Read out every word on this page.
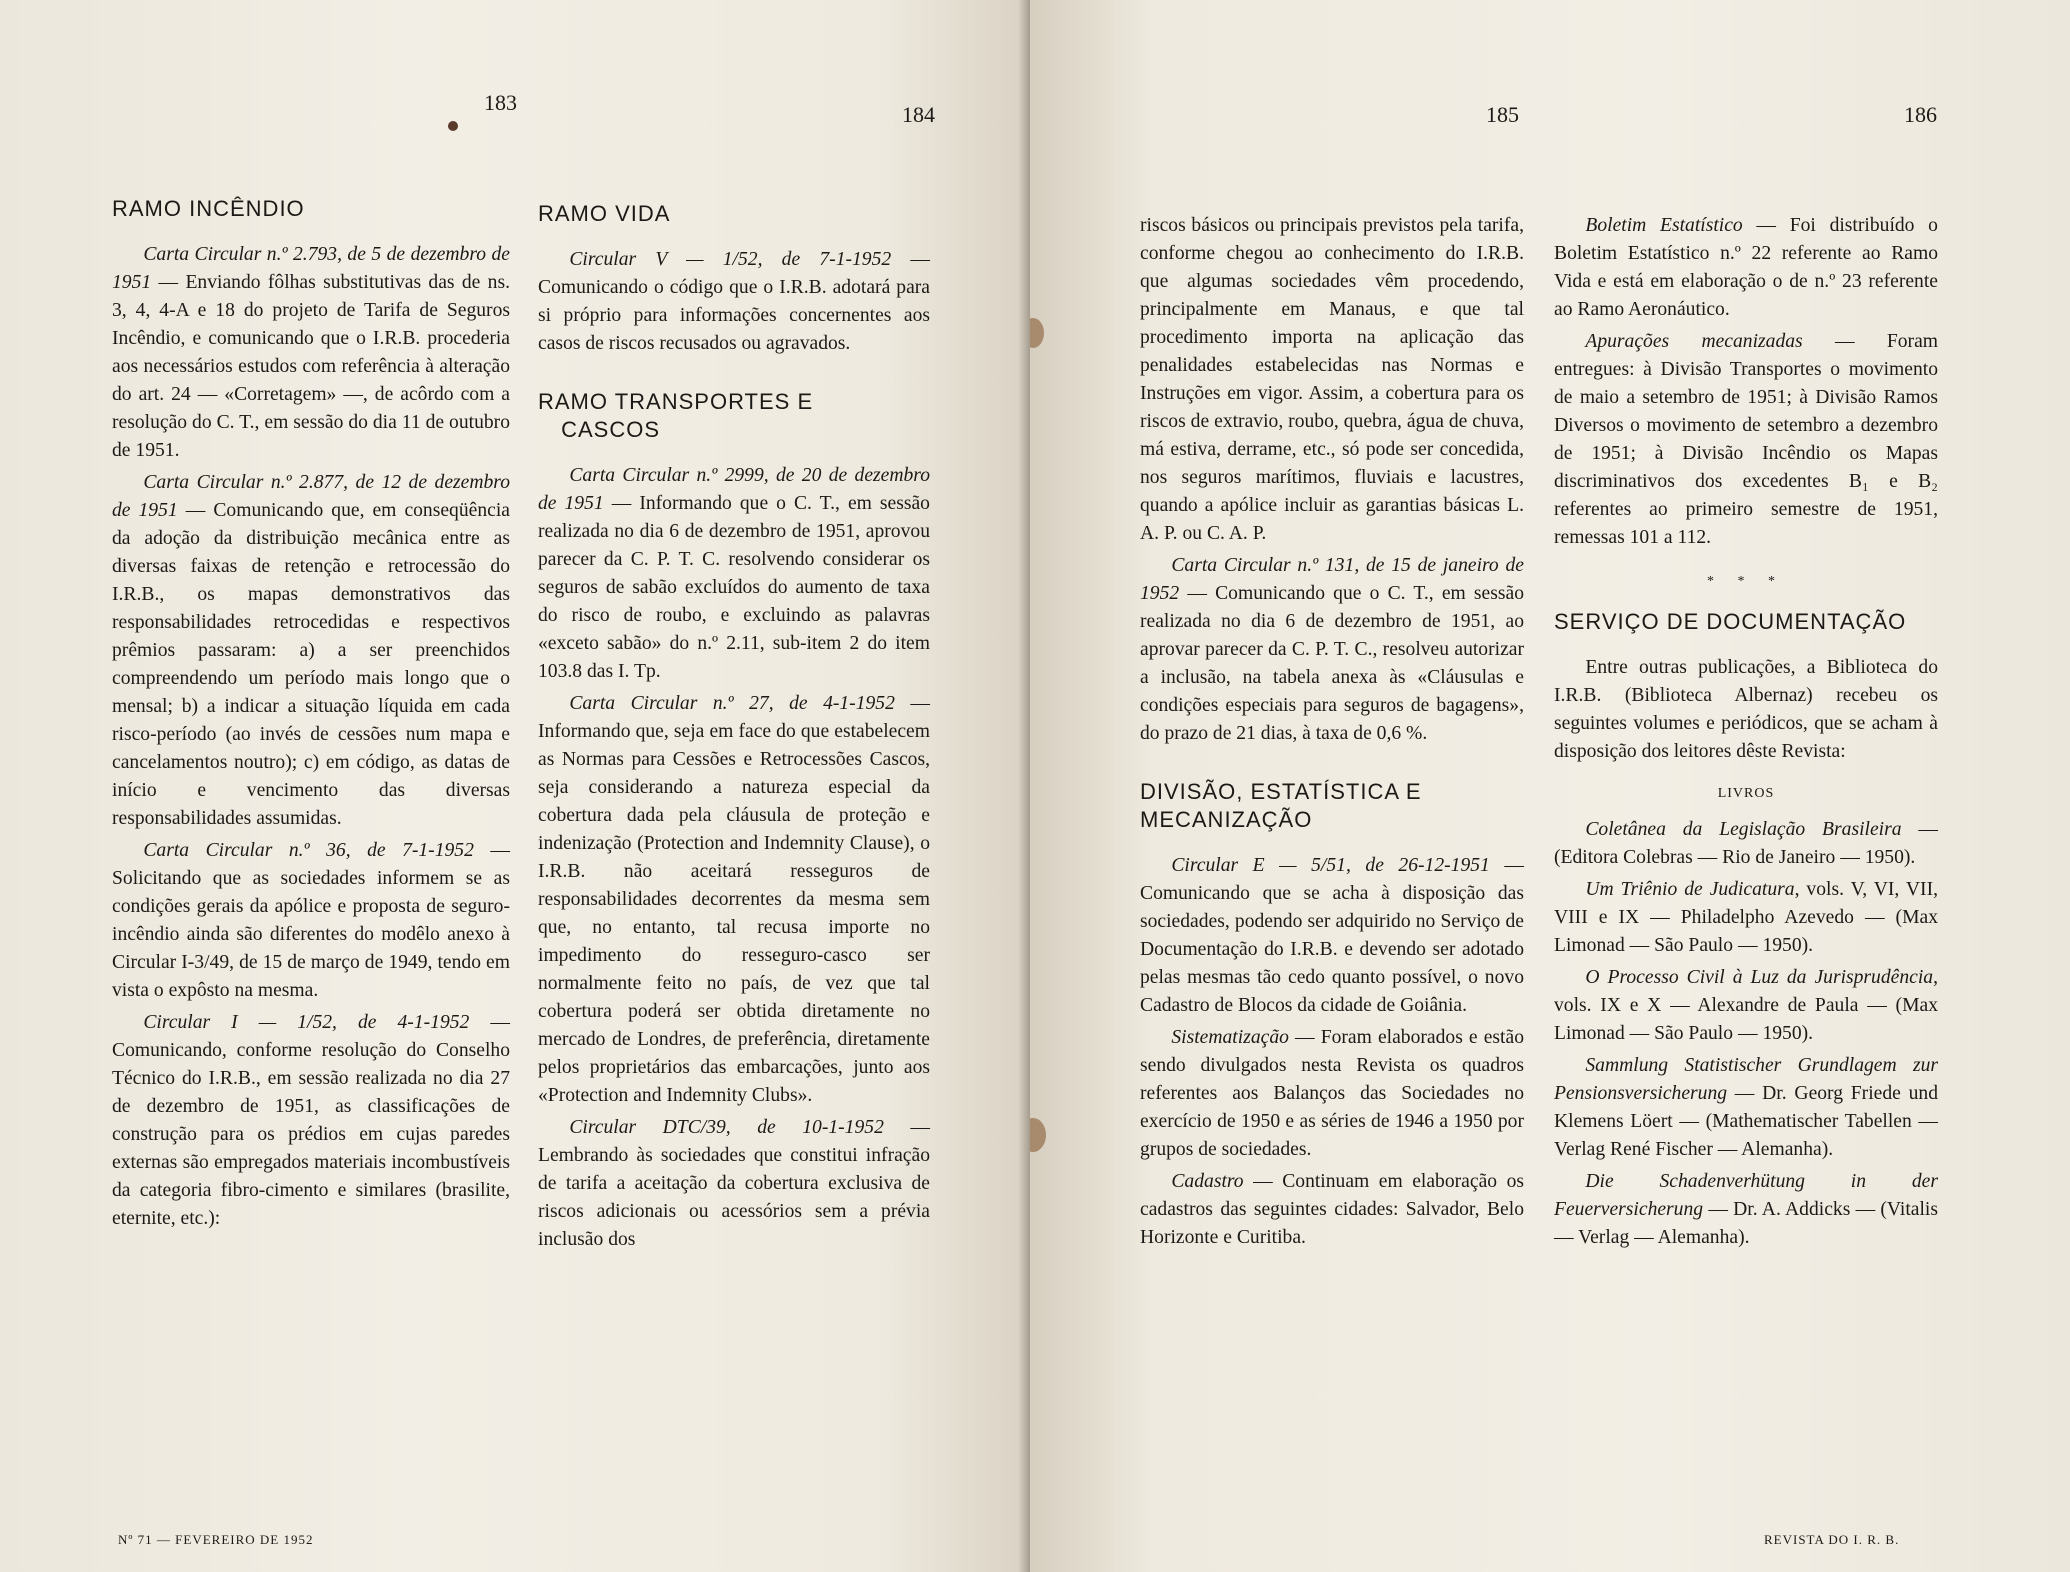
183	184
RAMO INCÊNDIO

Carta Circular n.º 2.793, de 5 de dezembro de 1951 — Enviando fôlhas substitutivas das de ns. 3, 4, 4-A e 18 do projeto de Tarifa de Seguros Incêndio, e comunicando que o I.R.B. procederia aos necessários estudos com referência à alteração do art. 24 — «Corretagem» —, de acôrdo com a resolução do C. T., em sessão do dia 11 de outubro de 1951.

Carta Circular n.º 2.877, de 12 de dezembro de 1951 — Comunicando que, em conseqüência da adoção da distribuição mecânica entre as diversas faixas de retenção e retrocessão do I.R.B., os mapas demonstrativos das responsabilidades retrocedidas e respectivos prêmios passaram: a) a ser preenchidos compreendendo um período mais longo que o mensal; b) a indicar a situação líquida em cada risco-período (ao invés de cessões num mapa e cancelamentos noutro); c) em código, as datas de início e vencimento das diversas responsabilidades assumidas.

Carta Circular n.º 36, de 7-1-1952 — Solicitando que as sociedades informem se as condições gerais da apólice e proposta de seguro-incêndio ainda são diferentes do modêlo anexo à Circular I-3/49, de 15 de março de 1949, tendo em vista o expôsto na mesma.

Circular I — 1/52, de 4-1-1952 — Comunicando, conforme resolução do Conselho Técnico do I.R.B., em sessão realizada no dia 27 de dezembro de 1951, as classificações de construção para os prédios em cujas paredes externas são empregados materiais incombustíveis da categoria fibro-cimento e similares (brasilite, eternite, etc.):

RAMO VIDA

Circular V — 1/52, de 7-1-1952 — Comunicando o código que o I.R.B. adotará para si próprio para informações concernentes aos casos de riscos recusados ou agravados.

RAMO TRANSPORTES E
CASCOS

Carta Circular n.º 2999, de 20 de dezembro de 1951 — Informando que o C. T., em sessão realizada no dia 6 de dezembro de 1951, aprovou parecer da C. P. T. C. resolvendo considerar os seguros de sabão excluídos do aumento de taxa do risco de roubo, e excluindo as palavras «exceto sabão» do n.º 2.11, sub-item 2 do item 103.8 das I. Tp.

Carta Circular n.º 27, de 4-1-1952 — Informando que, seja em face do que estabelecem as Normas para Cessões e Retrocessões Cascos, seja considerando a natureza especial da cobertura dada pela cláusula de proteção e indenização (Protection and Indemnity Clause), o I.R.B. não aceitará resseguros de responsabilidades decorrentes da mesma sem que, no entanto, tal recusa importe no impedimento do resseguro-casco ser normalmente feito no país, de vez que tal cobertura poderá ser obtida diretamente no mercado de Londres, de preferência, diretamente pelos proprietários das embarcações, junto aos «Protection and Indemnity Clubs».

Circular DTC/39, de 10-1-1952 — Lembrando às sociedades que constitui infração de tarifa a aceitação da cobertura exclusiva de riscos adicionais ou acessórios sem a prévia inclusão dos

Nº 71 — FEVEREIRO DE 1952
185	186

riscos básicos ou principais previstos pela tarifa, conforme chegou ao conhecimento do I.R.B. que algumas sociedades vêm procedendo, principalmente em Manaus, e que tal procedimento importa na aplicação das penalidades estabelecidas nas Normas e Instruções em vigor. Assim, a cobertura para os riscos de extravio, roubo, quebra, água de chuva, má estiva, derrame, etc., só pode ser concedida, nos seguros marítimos, fluviais e lacustres, quando a apólice incluir as garantias básicas L. A. P. ou C. A. P.

Carta Circular n.º 131, de 15 de janeiro de 1952 — Comunicando que o C. T., em sessão realizada no dia 6 de dezembro de 1951, ao aprovar parecer da C. P. T. C., resolveu autorizar a inclusão, na tabela anexa às «Cláusulas e condições especiais para seguros de bagagens», do prazo de 21 dias, à taxa de 0,6 %.

DIVISÃO, ESTATÍSTICA E
MECANIZAÇÃO

Circular E — 5/51, de 26-12-1951 — Comunicando que se acha à disposição das sociedades, podendo ser adquirido no Serviço de Documentação do I.R.B. e devendo ser adotado pelas mesmas tão cedo quanto possível, o novo Cadastro de Blocos da cidade de Goiânia.

Sistematização — Foram elaborados e estão sendo divulgados nesta Revista os quadros referentes aos Balanços das Sociedades no exercício de 1950 e as séries de 1946 a 1950 por grupos de sociedades.

Cadastro — Continuam em elaboração os cadastros das seguintes cidades: Salvador, Belo Horizonte e Curitiba.

Boletim Estatístico — Foi distribuído o Boletim Estatístico n.º 22 referente ao Ramo Vida e está em elaboração o de n.º 23 referente ao Ramo Aeronáutico.

Apurações mecanizadas — Foram entregues: à Divisão Transportes o movimento de maio a setembro de 1951; à Divisão Ramos Diversos o movimento de setembro a dezembro de 1951; à Divisão Incêndio os Mapas discriminativos dos excedentes B₁ e B₂ referentes ao primeiro semestre de 1951, remessas 101 a 112.

* * *
SERVIÇO DE DOCUMENTAÇÃO

Entre outras publicações, a Biblioteca do I.R.B. (Biblioteca Albernaz) recebeu os seguintes volumes e periódicos, que se acham à disposição dos leitores dêste Revista:

LIVROS

Coletânea da Legislação Brasileira — (Editora Colebras — Rio de Janeiro — 1950).

Um Triênio de Judicatura, vols. V, VI, VII, VIII e IX — Philadelpho Azevedo — (Max Limonad — São Paulo — 1950).

O Processo Civil à Luz da Jurisprudência, vols. IX e X — Alexandre de Paula — (Max Limonad — São Paulo — 1950).

Sammlung Statistischer Grundlagem zur Pensionsversicherung — Dr. Georg Friede und Klemens Löert — (Mathematischer Tabellen — Verlag René Fischer — Alemanha).

Die Schadenverhütung in der Feuerversicherung — Dr. A. Addicks — (Vitalis — Verlag — Alemanha).

REVISTA DO I. R. B.
